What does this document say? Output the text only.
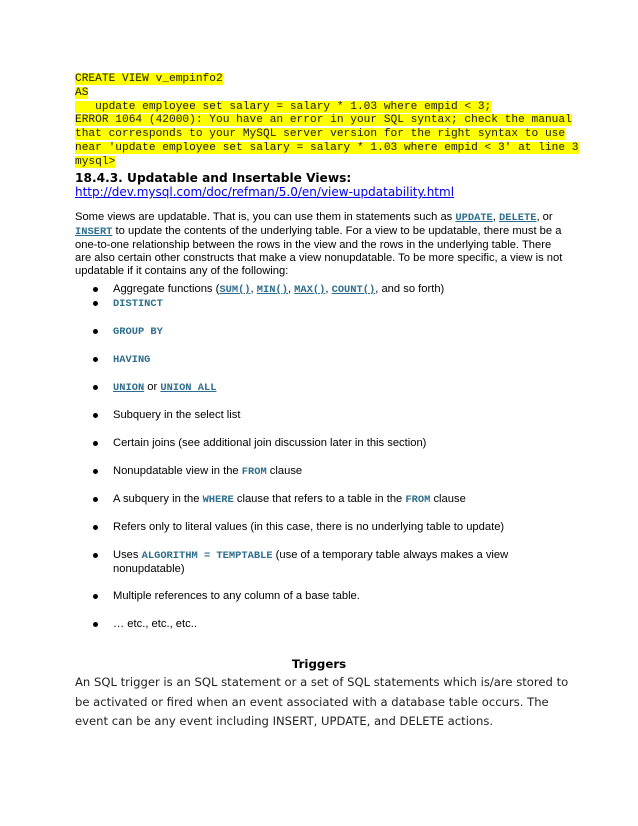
CREATE VIEW v_empinfo2
AS
update employee set salary = salary * 1.03 where empid < 3;
ERROR 1064 (42000): You have an error in your SQL syntax; check the manual
that corresponds to your MySQL server version for the right syntax to use
near 'update employee set salary = salary * 1.03 where empid < 3' at line 3
mysql>
18.4.3. Updatable and Insertable Views:
http://dev.mysql.com/doc/refman/5.0/en/view-updatability.html
Some views are updatable. That is, you can use them in statements such as UPDATE, DELETE, or INSERT to update the contents of the underlying table. For a view to be updatable, there must be a one-to-one relationship between the rows in the view and the rows in the underlying table. There are also certain other constructs that make a view nonupdatable. To be more specific, a view is not updatable if it contains any of the following:
Aggregate functions (SUM(), MIN(), MAX(), COUNT(), and so forth)
DISTINCT
GROUP BY
HAVING
UNION or UNION ALL
Subquery in the select list
Certain joins (see additional join discussion later in this section)
Nonupdatable view in the FROM clause
A subquery in the WHERE clause that refers to a table in the FROM clause
Refers only to literal values (in this case, there is no underlying table to update)
Uses ALGORITHM = TEMPTABLE (use of a temporary table always makes a view nonupdatable)
Multiple references to any column of a base table.
… etc., etc., etc..
Triggers
An SQL trigger is an SQL statement or a set of SQL statements which is/are stored to be activated or fired when an event associated with a database table occurs. The event can be any event including INSERT, UPDATE, and DELETE actions.
